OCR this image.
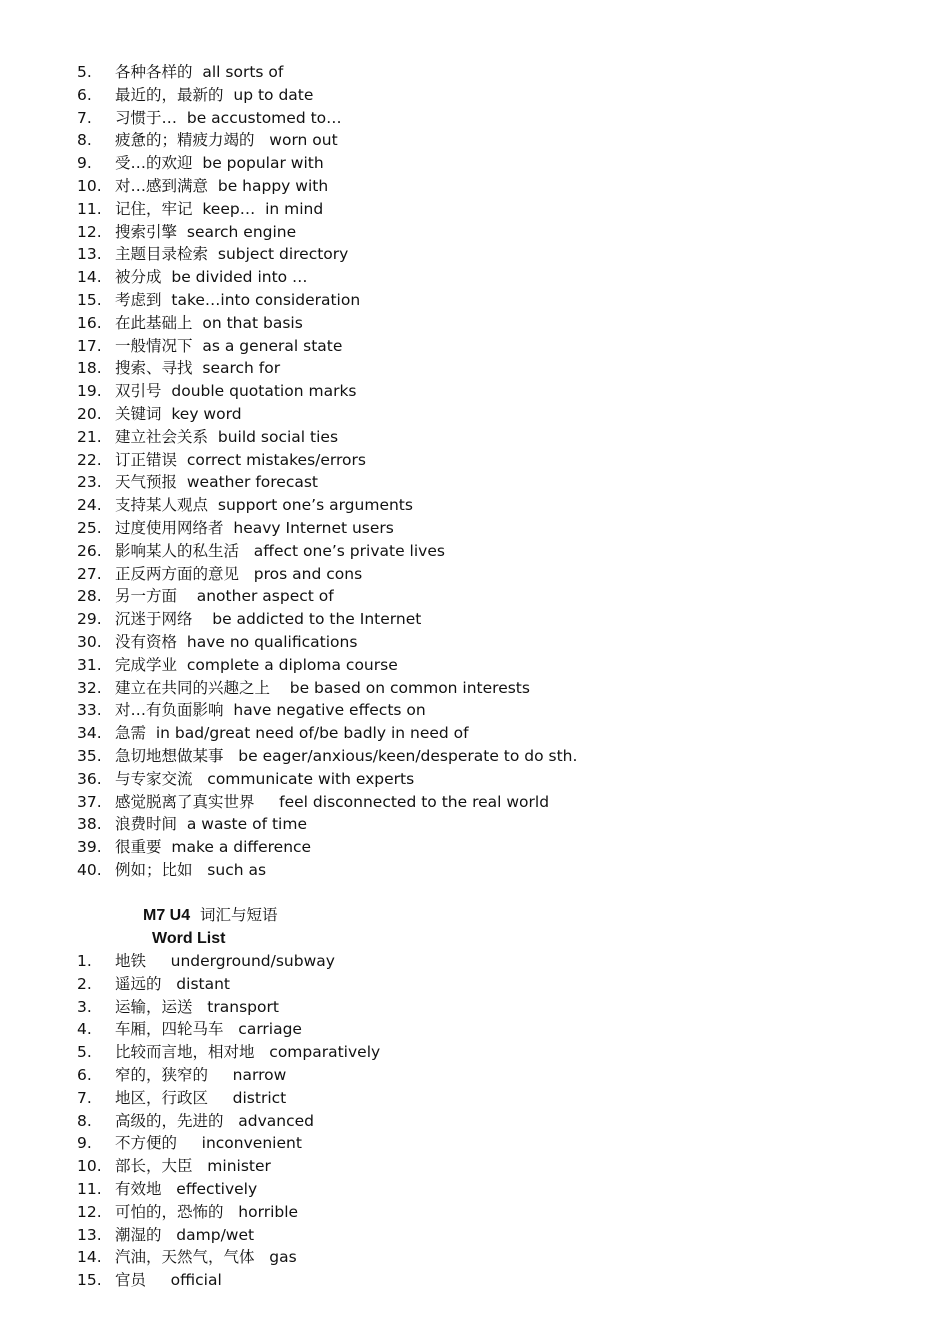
5. 各种各样的 all sorts of
6. 最近的，最新的 up to date
7. 习惯于… be accustomed to…
8. 疲惫的；精疲力竭的 worn out
9. 受…的欢迎 be popular with
10. 对…感到满意 be happy with
11. 记住，牢记 keep…  in mind
12. 搜索引擎 search engine
13. 主题目录检索 subject directory
14. 被分成 be divided into …
15. 考虑到 take…into consideration
16. 在此基础上 on that basis
17. 一般情况下 as a general state
18. 搜索、寻找 search for
19. 双引号 double quotation marks
20. 关键词 key word
21. 建立社会关系 build social ties
22. 订正错误 correct mistakes/errors
23. 天气预报 weather forecast
24. 支持某人观点 support one’s arguments
25. 过度使用网络者 heavy Internet users
26. 影响某人的私生活 affect one’s private lives
27. 正反两方面的意见 pros and cons
28. 另一方面 another aspect of
29. 沉迷于网络 be addicted to the Internet
30. 没有资格 have no qualifications
31. 完成学业 complete a diploma course
32. 建立在共同的兴趣之上 be based on common interests
33. 对…有负面影响 have negative effects on
34. 急需 in bad/great need of/be badly in need of
35. 急切地想做某事 be eager/anxious/keen/desperate to do sth.
36. 与专家交流 communicate with experts
37. 感觉脱离了真实世界 feel disconnected to the real world
38. 浪费时间 a waste of time
39. 很重要 make a difference
40. 例如；比如 such as
M7 U4 词汇与短语
Word List
1. 地铁 underground/subway
2. 遥远的 distant
3. 运输，运送 transport
4. 车厢，四轮马车 carriage
5. 比较而言地，相对地 comparatively
6. 窄的，狭窄的 narrow
7. 地区，行政区 district
8. 高级的，先进的 advanced
9. 不方便的 inconvenient
10. 部长，大臣 minister
11. 有效地 effectively
12. 可怕的，恐怖的 horrible
13. 潮湿的 damp/wet
14. 汽油，天然气，气体 gas
15. 官员 official
